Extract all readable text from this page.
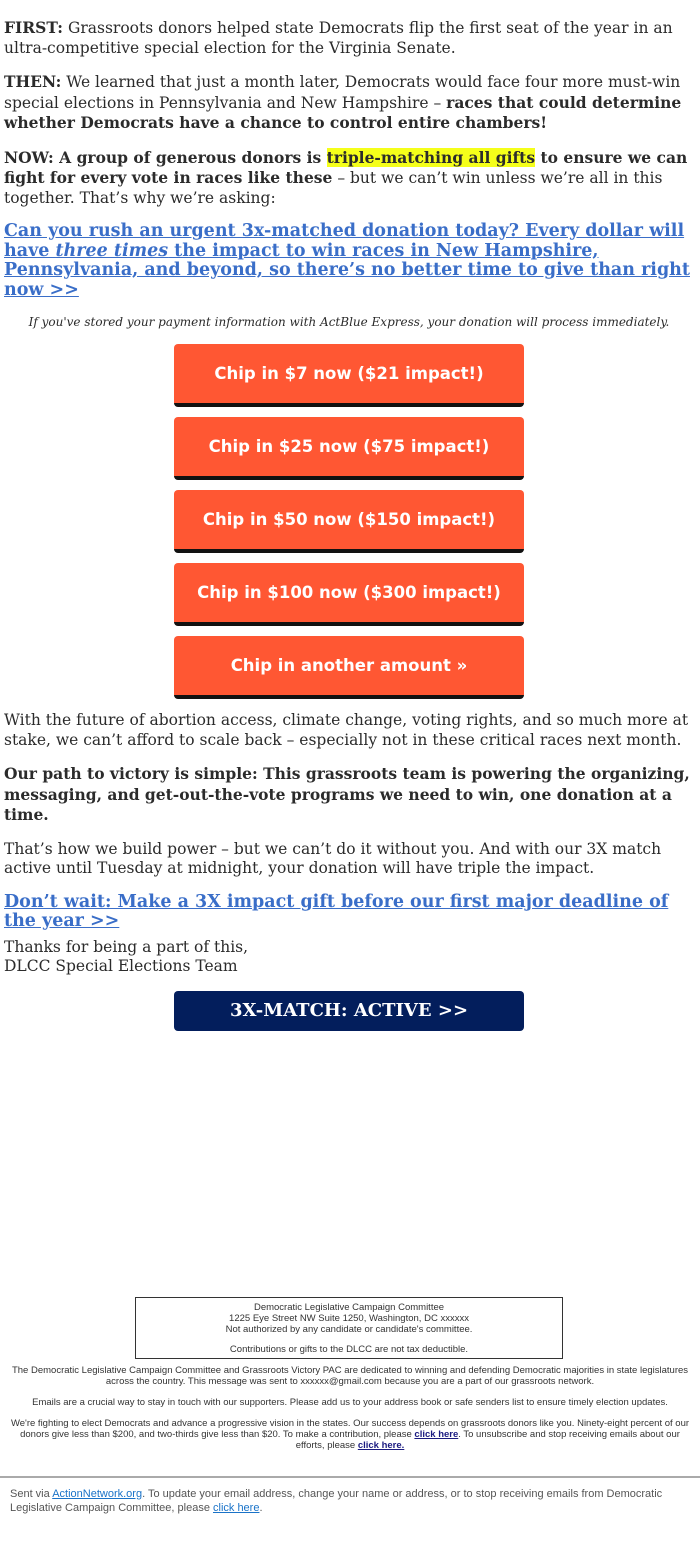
FIRST: Grassroots donors helped state Democrats flip the first seat of the year in an ultra-competitive special election for the Virginia Senate.

THEN: We learned that just a month later, Democrats would face four more must-win special elections in Pennsylvania and New Hampshire – races that could determine whether Democrats have a chance to control entire chambers!

NOW: A group of generous donors is triple-matching all gifts to ensure we can fight for every vote in races like these – but we can’t win unless we’re all in this together. That’s why we’re asking:

Can you rush an urgent 3x-matched donation today? Every dollar will have three times the impact to win races in New Hampshire, Pennsylvania, and beyond, so there’s no better time to give than right now >>

If you've stored your payment information with ActBlue Express, your donation will process immediately.

Chip in $7 now ($21 impact!)
Chip in $25 now ($75 impact!)
Chip in $50 now ($150 impact!)
Chip in $100 now ($300 impact!)
Chip in another amount »

With the future of abortion access, climate change, voting rights, and so much more at stake, we can’t afford to scale back – especially not in these critical races next month.

Our path to victory is simple: This grassroots team is powering the organizing, messaging, and get-out-the-vote programs we need to win, one donation at a time.

That’s how we build power – but we can’t do it without you. And with our 3X match active until Tuesday at midnight, your donation will have triple the impact.

Don’t wait: Make a 3X impact gift before our first major deadline of the year >>

Thanks for being a part of this,
DLCC Special Elections Team

3X-MATCH: ACTIVE >>
Democratic Legislative Campaign Committee
1225 Eye Street NW Suite 1250, Washington, DC xxxxxx
Not authorized by any candidate or candidate's committee.
Contributions or gifts to the DLCC are not tax deductible.

The Democratic Legislative Campaign Committee and Grassroots Victory PAC are dedicated to winning and defending Democratic majorities in state legislatures across the country. This message was sent to xxxxxx@gmail.com because you are a part of our grassroots network.

Emails are a crucial way to stay in touch with our supporters. Please add us to your address book or safe senders list to ensure timely election updates.

We're fighting to elect Democrats and advance a progressive vision in the states. Our success depends on grassroots donors like you. Ninety-eight percent of our donors give less than $200, and two-thirds give less than $20. To make a contribution, please click here. To unsubscribe and stop receiving emails about our efforts, please click here.

Sent via ActionNetwork.org. To update your email address, change your name or address, or to stop receiving emails from Democratic Legislative Campaign Committee, please click here.
